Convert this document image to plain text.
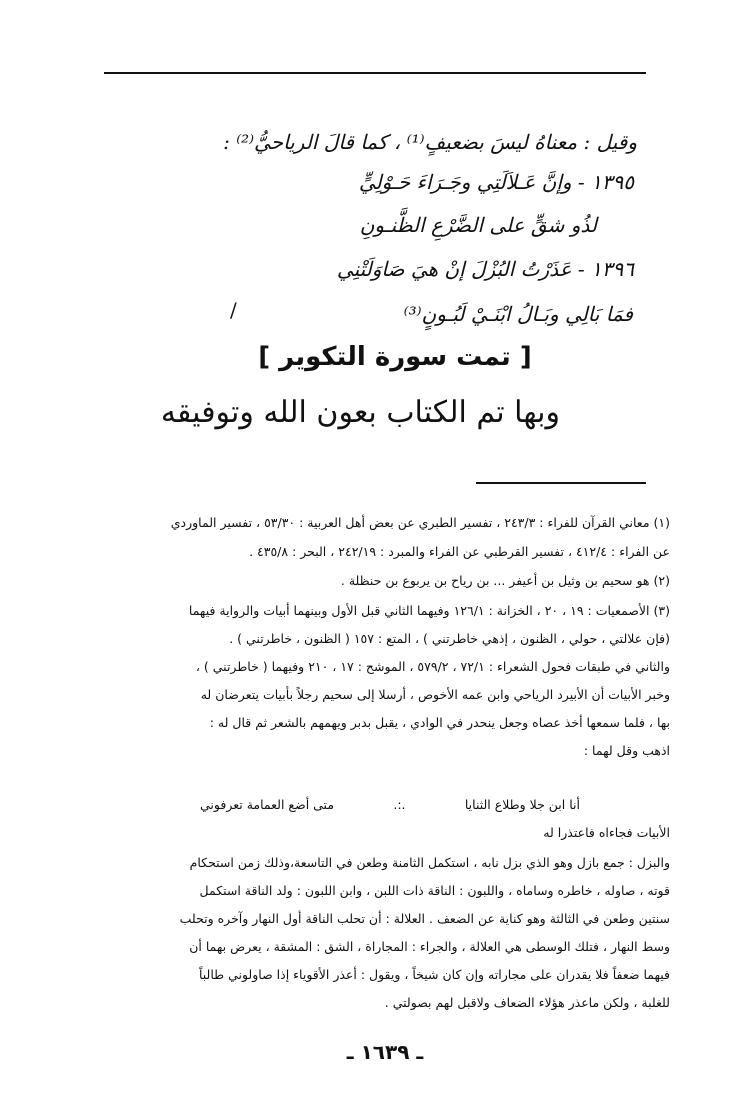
وقيل : معناهُ ليسَ بضعيفٍ⁽¹⁾ ، كما قالَ الرياحيُّ⁽²⁾ :
١٣٩٥ - وإنَّ عَـلاَلَتِي وجَـرَاءَ حَـوْلِيٍّ
لذُو شقٍّ على الضَّرْعِ الظَّنـونِ
١٣٩٦ - عَذَرْتُ البُزْلَ إنْ هيَ صَاوَلَتْنِي
فمَا بَالِي وبَـالُ ابْنَـيْ لَبُـونٍ⁽³⁾
/
[ تمت سورة التكوير ]
وبها تم الكتاب بعون الله وتوفيقه
(١) معاني القرآن للفراء : ٢٤٣/٣ ، تفسير الطبري عن بعض أهل العربية : ٥٣/٣٠ ، تفسير الماوردي
عن الفراء : ٤١٢/٤ ، تفسير القرطبي عن الفراء والمبرد : ٢٤٢/١٩ ، البحر : ٤٣٥/٨ .
(٢) هو سحيم بن وثيل بن أعيفر ... بن رياح بن يربوع بن حنظلة .
(٣) الأصمعيات : ١٩ ، ٢٠ ، الخزانة : ١٢٦/١ وفيهما الثاني قبل الأول وبينهما أبيات والرواية فيهما
(فإن علالتي ، حولي ، الظنون ، إذهي خاطرتني ) ، المتع : ١٥٧ ( الظنون ، خاطرتني ) .
والثاني في طبقات فحول الشعراء : ٧٢/١ ، ٥٧٩/٢ ، الموشح : ١٧ ، ٢١٠ وفيهما ( خاطرتني ) ،
وخبر الأبيات أن الأبيرد الرياحي وابن عمه الأخوص ، أرسلا إلى سحيم رجلاً بأبيات يتعرضان له
بها ، فلما سمعها أخذ عصاه وجعل ينحدر في الوادي ، يقبل بدبر ويهمهم بالشعر ثم قال له :
اذهب وقل لهما :
الأبيات فجاءاه فاعتذرا له
والبزل : جمع بازل وهو الذي بزل نابه ، استكمل الثامنة وطعن في التاسعة،وذلك زمن استحكام
قوته ، صاوله ، خاطره وساماه ، واللبون : الناقة ذات اللبن ، وابن اللبون : ولد الناقة استكمل
سنتين وطعن في الثالثة وهو كناية عن الضعف . العلالة : أن تحلب الناقة أول النهار وآخره وتحلب
وسط النهار ، فتلك الوسطى هي العلالة ، والجراء : المجاراة ، الشق : المشقة ، يعرض بهما أن
فيهما ضعفاً فلا يقدران على مجاراته وإن كان شيخاً ، ويقول : أعذر الأقوياء إذا صاولوني طالباً
للغلبة ، ولكن ماعذر هؤلاء الضعاف ولاقبل لهم بصولتي .
أنا ابن جلا وطلاع الثنايا
.:.
متى أضع العمامة تعرفوني
ـ ١٦٣٩ ـ
